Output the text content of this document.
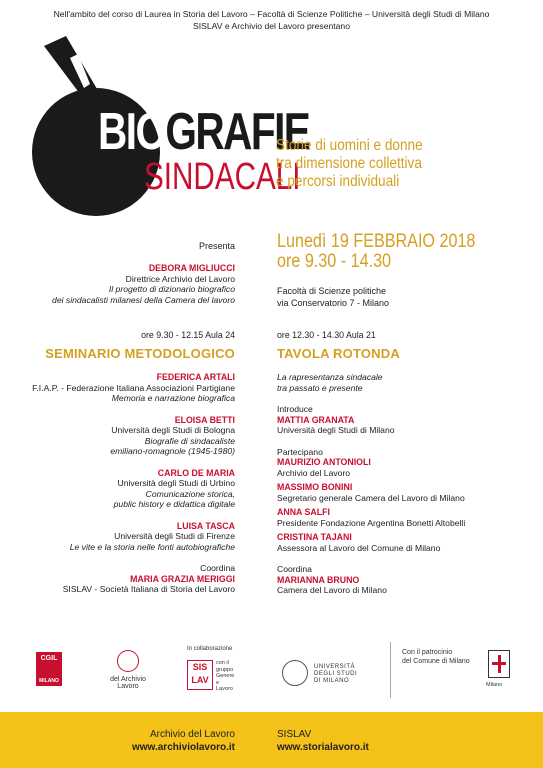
Nell'ambito del corso di Laurea in Storia del Lavoro – Facoltà di Scienze Politiche – Università degli Studi di Milano
SISLAV e Archivio del Lavoro presentano
BIOGRAFIE
SINDACALI
Storie di uomini e donne
tra dimensione collettiva
e percorsi individuali
Presenta
DEBORA MIGLIUCCI
Direttrice Archivio del Lavoro
Il progetto di dizionario biografico
dei sindacalisti milanesi della Camera del lavoro
Lunedì 19 FEBBRAIO 2018
ore 9.30 - 14.30
Facoltà di Scienze politiche
via Conservatorio 7 - Milano
ore 9.30 - 12.15 Aula 24
SEMINARIO METODOLOGICO
FEDERICA ARTALI
F.I.A.P. - Federazione Italiana Associazioni Partigiane
Memoria e narrazione biografica
ELOISA BETTI
Università degli Studi di Bologna
Biografie di sindacaliste
emiliano-romagnole (1945-1980)
CARLO DE MARIA
Università degli Studi di Urbino
Comunicazione storica,
public history e didattica digitale
LUISA TASCA
Università degli Studi di Firenze
Le vite e la storia nelle fonti autobiografiche
Coordina
MARIA GRAZIA MERIGGI
SISLAV - Società Italiana di Storia del Lavoro
ore 12.30 - 14.30 Aula 21
TAVOLA ROTONDA
La rapresentanza sindacale
tra passato e presente
Introduce
MATTIA GRANATA
Università degli Studi di Milano
Partecipano
MAURIZIO ANTONIOLI
Archivio del Lavoro
MASSIMO BONINI
Segretario generale Camera del Lavoro di Milano
ANNA SALFI
Presidente Fondazione Argentina Bonetti Altobelli
CRISTINA TAJANI
Assessora al Lavoro del Comune di Milano
Coordina
MARIANNA BRUNO
Camera del Lavoro di Milano
CGIL
MILANO	del Archivio
Lavoro
In collaborazione
SIS
LAV
con il
gruppo
Genere
e
Lavoro
UNIVERSITÀ
DEGLI STUDI
DI MILANO
Con il patrocinio
del Comune di Milano
Milano
Archivio del Lavoro
www.archiviolavoro.it
SISLAV
www.storialavoro.it
